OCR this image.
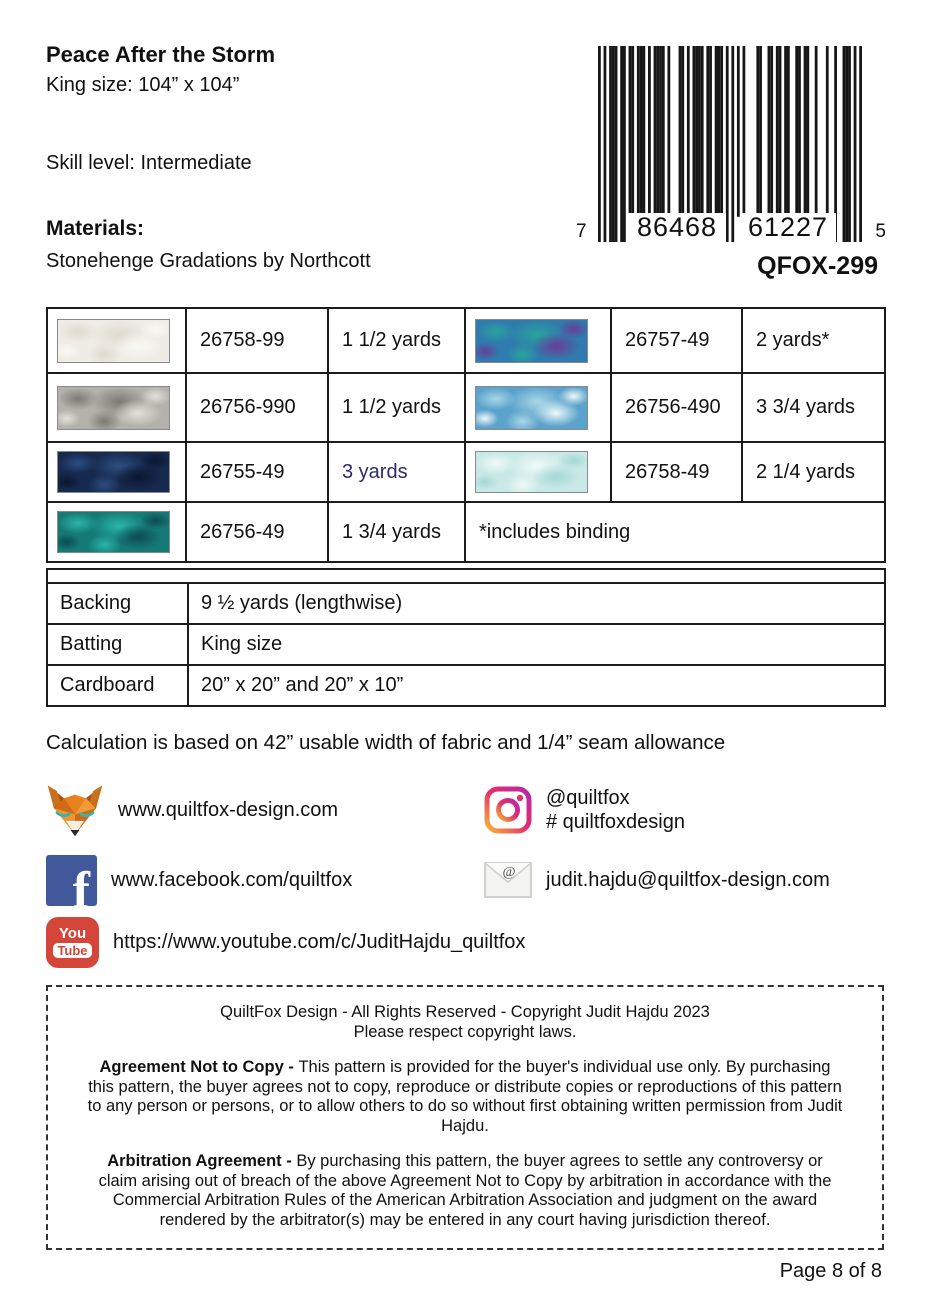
Peace After the Storm
King size: 104” x 104”
Skill level: Intermediate
Materials:
Stonehenge Gradations by Northcott
7	86468	61227	5
QFOX-299
	26758-99	1 1/2 yards		26757-49	2 yards*

	26756-990	1 1/2 yards		26756-490	3 3/4 yards

	26755-49	3 yards		26758-49	2 1/4 yards

	26756-49	1 3/4 yards	*includes binding		

Backing	9 ½ yards (lengthwise)
Batting	King size
Cardboard	20” x 20” and 20” x 10”
Calculation is based on 42” usable width of fabric and 1/4” seam allowance
www.quiltfox-design.com
@quiltfox
# quiltfoxdesign
f www.facebook.com/quiltfox	@ judit.hajdu@quiltfox-design.com
You
Tube https://www.youtube.com/c/JuditHajdu_quiltfox
QuiltFox Design - All Rights Reserved - Copyright Judit Hajdu 2023
Please respect copyright laws.

Agreement Not to Copy - This pattern is provided for the buyer's individual use only. By purchasing this pattern, the buyer agrees not to copy, reproduce or distribute copies or reproductions of this pattern to any person or persons, or to allow others to do so without first obtaining written permission from Judit Hajdu.

Arbitration Agreement - By purchasing this pattern, the buyer agrees to settle any controversy or claim arising out of breach of the above Agreement Not to Copy by arbitration in accordance with the Commercial Arbitration Rules of the American Arbitration Association and judgment on the award rendered by the arbitrator(s) may be entered in any court having jurisdiction thereof.

Page 8 of 8
